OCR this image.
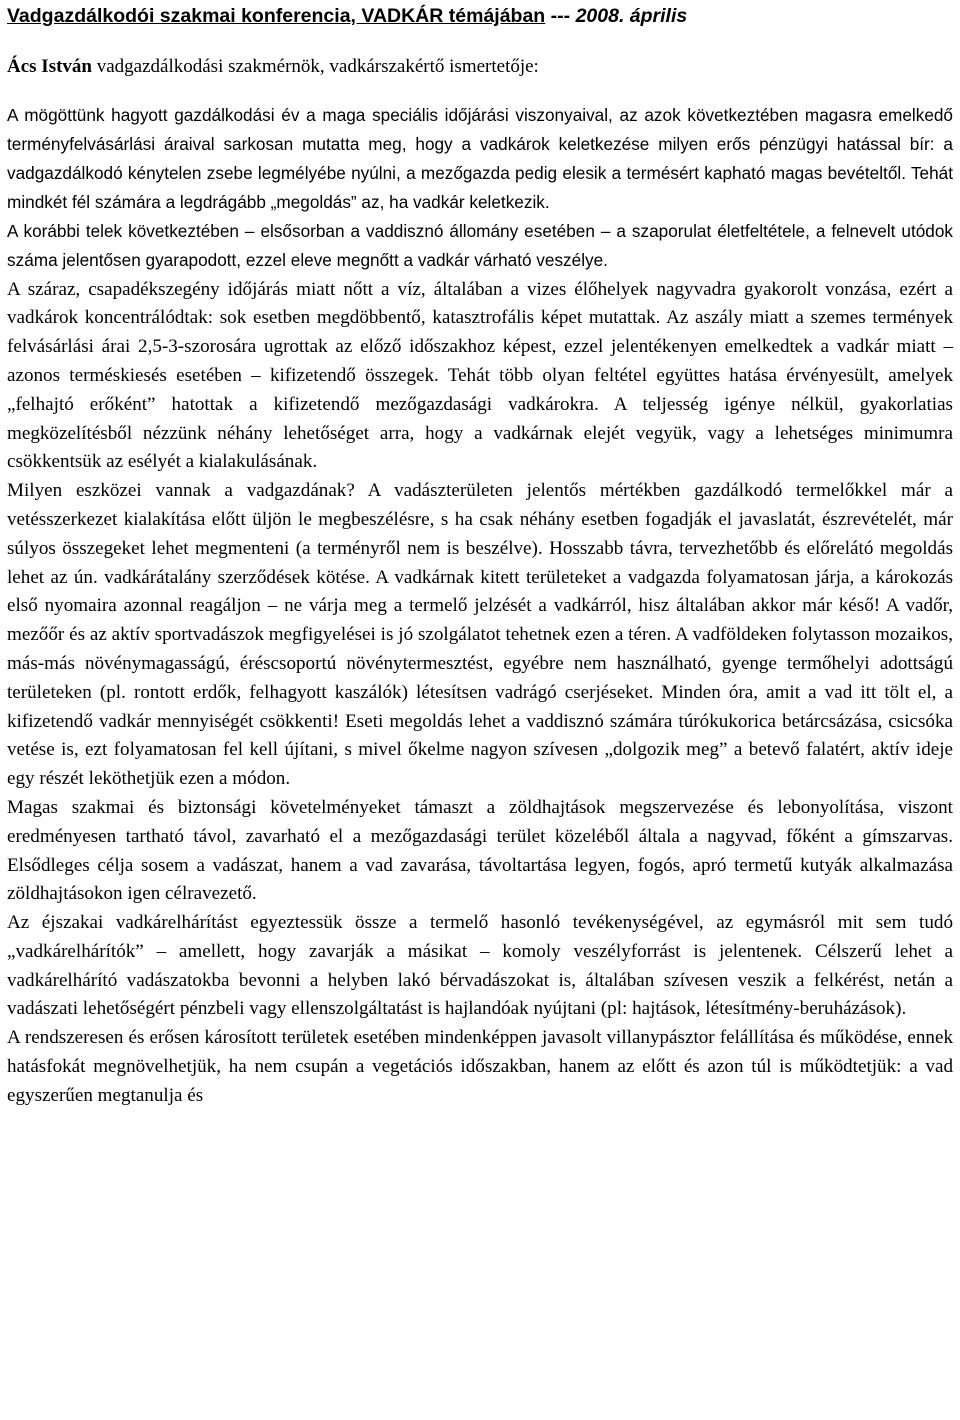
Vadgazdálkodói szakmai konferencia, VADKÁR témájában --- 2008. április
Ács István vadgazdálkodási szakmérnök, vadkárszakértő ismertetője:

A mögöttünk hagyott gazdálkodási év a maga speciális időjárási viszonyaival, az azok következtében magasra emelkedő terményfelvásárlási áraival sarkosan mutatta meg, hogy a vadkárok keletkezése milyen erős pénzügyi hatással bír: a vadgazdálkodó kénytelen zsebe legmélyébe nyúlni, a mezőgazda pedig elesik a termésért kapható magas bevételtől. Tehát mindkét fél számára a legdrágább „megoldás” az, ha vadkár keletkezik.

A korábbi telek következtében – elsősorban a vaddisznó állomány esetében – a szaporulat életfeltétele, a felnevelt utódok száma jelentősen gyarapodott, ezzel eleve megnőtt a vadkár várható veszélye.

A száraz, csapadékszegény időjárás miatt nőtt a víz, általában a vizes élőhelyek nagyvadra gyakorolt vonzása, ezért a vadkárok koncentrálódtak: sok esetben megdöbbentő, katasztrofális képet mutattak. Az aszály miatt a szemes termények felvásárlási árai 2,5-3-szorosára ugrottak az előző időszakhoz képest, ezzel jelentékenyen emelkedtek a vadkár miatt – azonos terméskiesés esetében – kifizetendő összegek. Tehát több olyan feltétel együttes hatása érvényesült, amelyek „felhajtó erőként” hatottak a kifizetendő mezőgazdasági vadkárokra. A teljesség igénye nélkül, gyakorlatias megközelítésből nézzünk néhány lehetőséget arra, hogy a vadkárnak elejét vegyük, vagy a lehetséges minimumra csökkentsük az esélyét a kialakulásának.

Milyen eszközei vannak a vadgazdának? A vadászterületen jelentős mértékben gazdálkodó termelőkkel már a vetésszerkezet kialakítása előtt üljön le megbeszélésre, s ha csak néhány esetben fogadják el javaslatát, észrevételét, már súlyos összegeket lehet megmenteni (a terményről nem is beszélve). Hosszabb távra, tervezhetőbb és előrelátó megoldás lehet az ún. vadkárátalány szerződések kötése. A vadkárnak kitett területeket a vadgazda folyamatosan járja, a károkozás első nyomaira azonnal reagáljon – ne várja meg a termelő jelzését a vadkárról, hisz általában akkor már késő! A vadőr, mezőőr és az aktív sportvadászok megfigyelései is jó szolgálatot tehetnek ezen a téren. A vadföldeken folytasson mozaikos, más-más növénymagasságú, éréscsoportú növénytermesztést, egyébre nem használható, gyenge termőhelyi adottságú területeken (pl. rontott erdők, felhagyott kaszálók) létesítsen vadrágó cserjéseket. Minden óra, amit a vad itt tölt el, a kifizetendő vadkár mennyiségét csökkenti! Eseti megoldás lehet a vaddisznó számára túrókukorica betárcsázása, csicsóka vetése is, ezt folyamatosan fel kell újítani, s mivel őkelme nagyon szívesen „dolgozik meg” a betevő falatért, aktív ideje egy részét leköthetjük ezen a módon.

Magas szakmai és biztonsági követelményeket támaszt a zöldhajtások megszervezése és lebonyolítása, viszont eredményesen tartható távol, zavarható el a mezőgazdasági terület közeléből általa a nagyvad, főként a gímszarvas. Elsődleges célja sosem a vadászat, hanem a vad zavarása, távoltartása legyen, fogós, apró termetű kutyák alkalmazása zöldhajtásokon igen célravezető.

Az éjszakai vadkárelhárítást egyeztessük össze a termelő hasonló tevékenységével, az egymásról mit sem tudó „vadkárelhárítók” – amellett, hogy zavarják a másikat – komoly veszélyforrást is jelentenek. Célszerű lehet a vadkárelhárító vadászatokba bevonni a helyben lakó bérvadászokat is, általában szívesen veszik a felkérést, netán a vadászati lehetőségért pénzbeli vagy ellenszolgáltatást is hajlandóak nyújtani (pl: hajtások, létesítmény-beruházások).

A rendszeresen és erősen károsított területek esetében mindenképpen javasolt villanypásztor felállítása és működése, ennek hatásfokát megnövelhetjük, ha nem csupán a vegetációs időszakban, hanem az előtt és azon túl is működtetjük: a vad egyszerűen megtanulja és
